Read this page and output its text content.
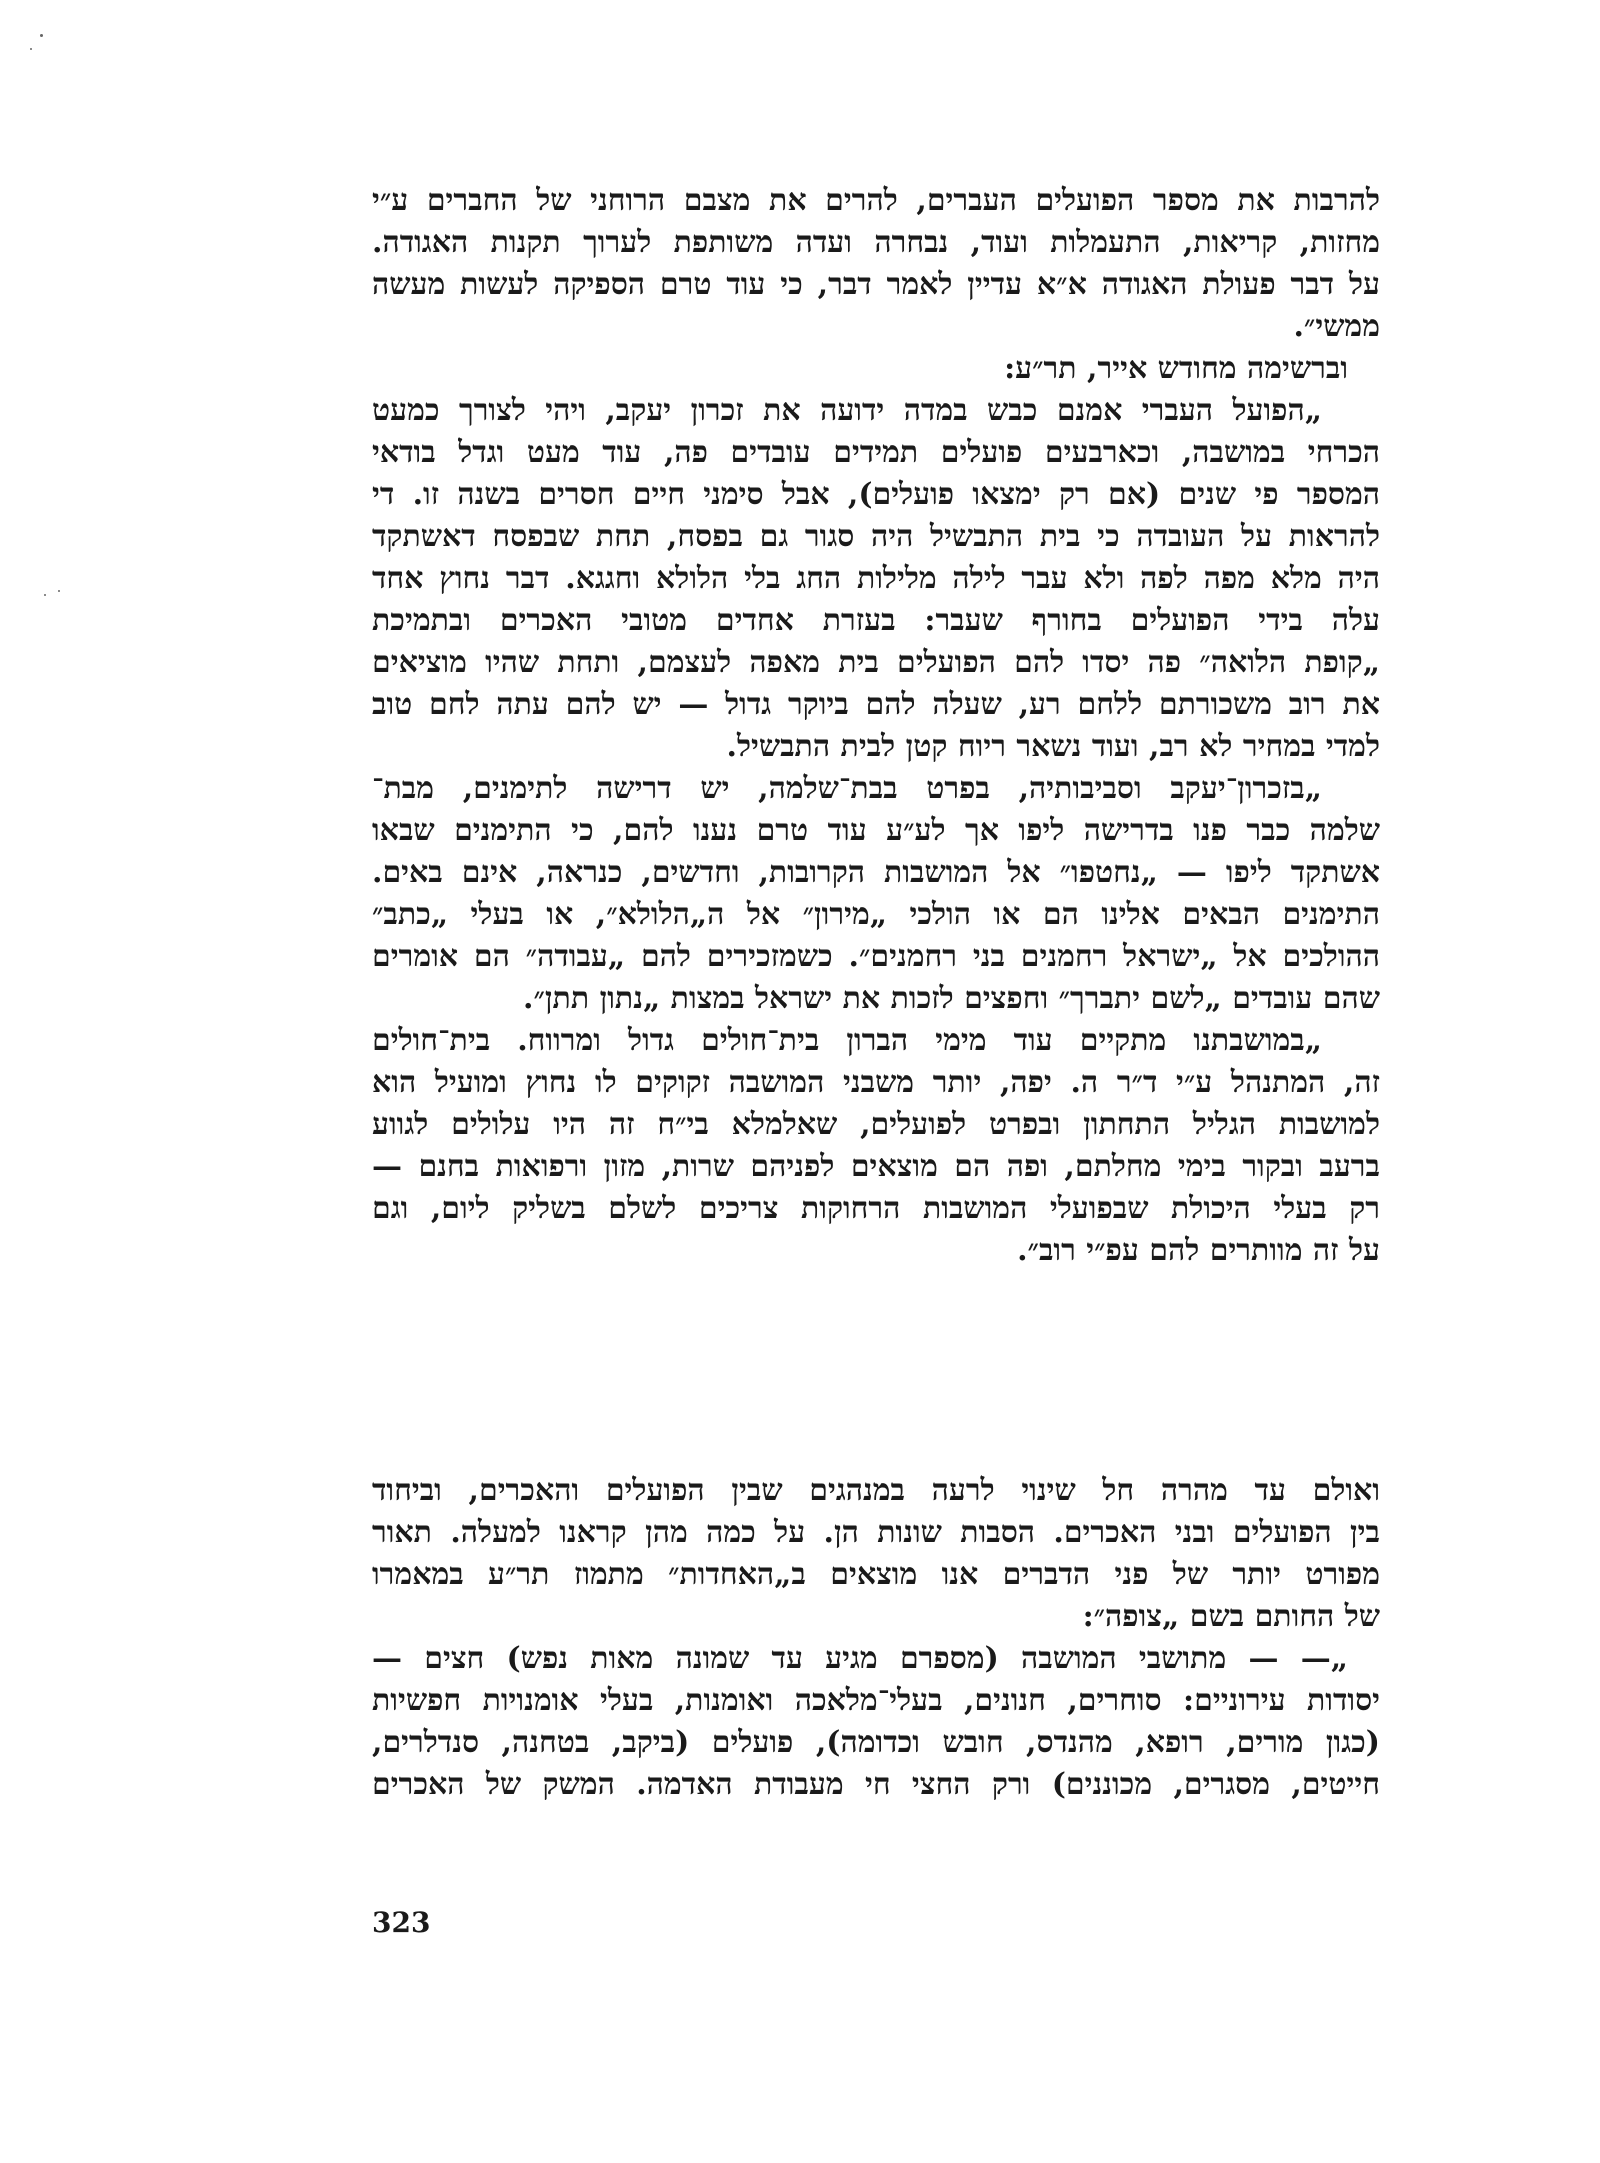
להרבות את מספר הפועלים העברים, להרים את מצבם הרוחני של החברים ע״י
מחזות, קריאות, התעמלות ועוד, נבחרה ועדה משותפת לערוך תקנות האגודה.
על דבר פעולת האגודה א״א עדיין לאמר דבר, כי עוד טרם הספיקה לעשות מעשה
ממשי״.
וברשימה מחודש אייר, תר״ע:
„הפועל העברי אמנם כבש במדה ידועה את זכרון יעקב, ויהי לצורך כמעט
הכרחי במושבה, וכארבעים פועלים תמידים עובדים פה, עוד מעט וגדל בודאי
המספר פי שנים (אם רק ימצאו פועלים), אבל סימני חיים חסרים בשנה זו. די
להראות על העובדה כי בית התבשיל היה סגור גם בפסח, תחת שבפסח דאשתקד
היה מלא מפה לפה ולא עבר לילה מלילות החג בלי הלולא וחגגא. דבר נחוץ אחד
עלה בידי הפועלים בחורף שעבר: בעזרת אחדים מטובי האכרים ובתמיכת
„קופת הלואה״ פה יסדו להם הפועלים בית מאפה לעצמם, ותחת שהיו מוציאים
את רוב משכורתם ללחם רע, שעלה להם ביוקר גדול — יש להם עתה לחם טוב
למדי במחיר לא רב, ועוד נשאר ריוח קטן לבית התבשיל.
„בזכרון־יעקב וסביבותיה, בפרט בבת־שלמה, יש דרישה לתימנים, מבת־
שלמה כבר פנו בדרישה ליפו אך לע״ע עוד טרם נענו להם, כי התימנים שבאו
אשתקד ליפו — „נחטפו״ אל המושבות הקרובות, וחדשים, כנראה, אינם באים.
התימנים הבאים אלינו הם או הולכי „מירון״ אל ה„הלולא״, או בעלי „כתב״
ההולכים אל „ישראל רחמנים בני רחמנים״. כשמזכירים להם „עבודה״ הם אומרים
שהם עובדים „לשם יתברך״ וחפצים לזכות את ישראל במצות „נתון תתן״.
„במושבתנו מתקיים עוד מימי הברון בית־חולים גדול ומרווח. בית־חולים
זה, המתנהל ע״י ד״ר ה. יפה, יותר משבני המושבה זקוקים לו נחוץ ומועיל הוא
למושבות הגליל התחתון ובפרט לפועלים, שאלמלא בי״ח זה היו עלולים לגווע
ברעב ובקור בימי מחלתם, ופה הם מוצאים לפניהם שרות, מזון ורפואות בחנם —
רק בעלי היכולת שבפועלי המושבות הרחוקות צריכים לשלם בשליק ליום, וגם
על זה מוותרים להם עפ״י רוב״.
ואולם עד מהרה חל שינוי לרעה במנהגים שבין הפועלים והאכרים, וביחוד
בין הפועלים ובני האכרים. הסבות שונות הן. על כמה מהן קראנו למעלה. תאור
מפורט יותר של פני הדברים אנו מוצאים ב„האחדות״ מתמוז תר״ע במאמרו
של החותם בשם „צופה״:
„— — מתושבי המושבה (מספרם מגיע עד שמונה מאות נפש) חצים —
יסודות עירוניים: סוחרים, חנונים, בעלי־מלאכה ואומנות, בעלי אומנויות חפשיות
(כגון מורים, רופא, מהנדס, חובש וכדומה), פועלים (ביקב, בטחנה, סנדלרים,
חייטים, מסגרים, מכוננים) ורק החצי חי מעבודת האדמה. המשק של האכרים
323
